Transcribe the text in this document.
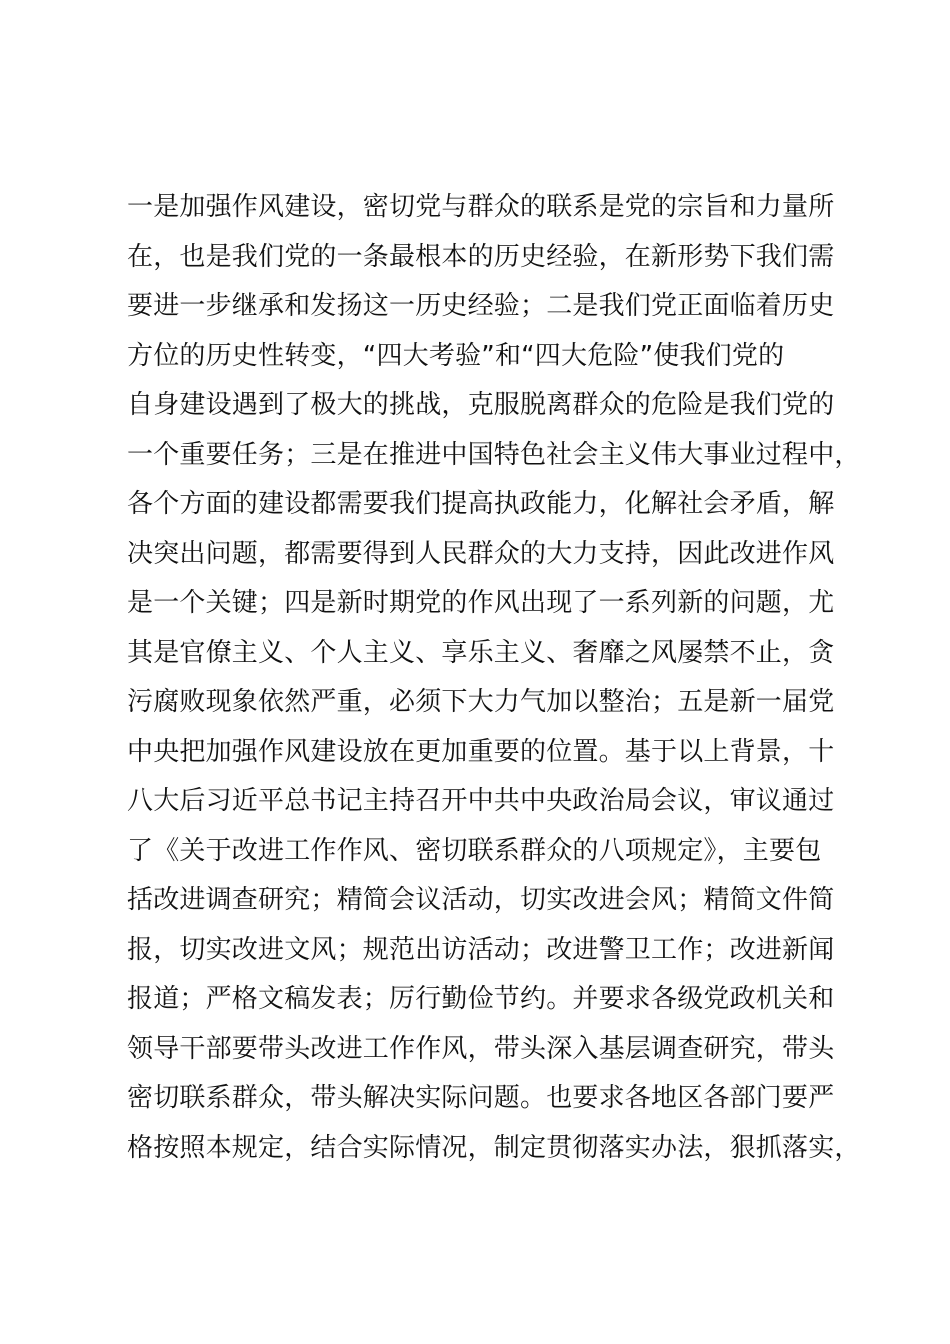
一是加强作风建设，密切党与群众的联系是党的宗旨和力量所
在，也是我们党的一条最根本的历史经验，在新形势下我们需
要进一步继承和发扬这一历史经验；二是我们党正面临着历史
方位的历史性转变，“四大考验”和“四大危险”使我们党的
自身建设遇到了极大的挑战，克服脱离群众的危险是我们党的
一个重要任务；三是在推进中国特色社会主义伟大事业过程中，
各个方面的建设都需要我们提高执政能力，化解社会矛盾，解
决突出问题，都需要得到人民群众的大力支持，因此改进作风
是一个关键；四是新时期党的作风出现了一系列新的问题，尤
其是官僚主义、个人主义、享乐主义、奢靡之风屡禁不止，贪
污腐败现象依然严重，必须下大力气加以整治；五是新一届党
中央把加强作风建设放在更加重要的位置。基于以上背景，十
八大后习近平总书记主持召开中共中央政治局会议，审议通过
了《关于改进工作作风、密切联系群众的八项规定》，主要包
括改进调查研究；精简会议活动，切实改进会风；精简文件简
报，切实改进文风；规范出访活动；改进警卫工作；改进新闻
报道；严格文稿发表；厉行勤俭节约。并要求各级党政机关和
领导干部要带头改进工作作风，带头深入基层调查研究，带头
密切联系群众，带头解决实际问题。也要求各地区各部门要严
格按照本规定，结合实际情况，制定贯彻落实办法，狠抓落实，
